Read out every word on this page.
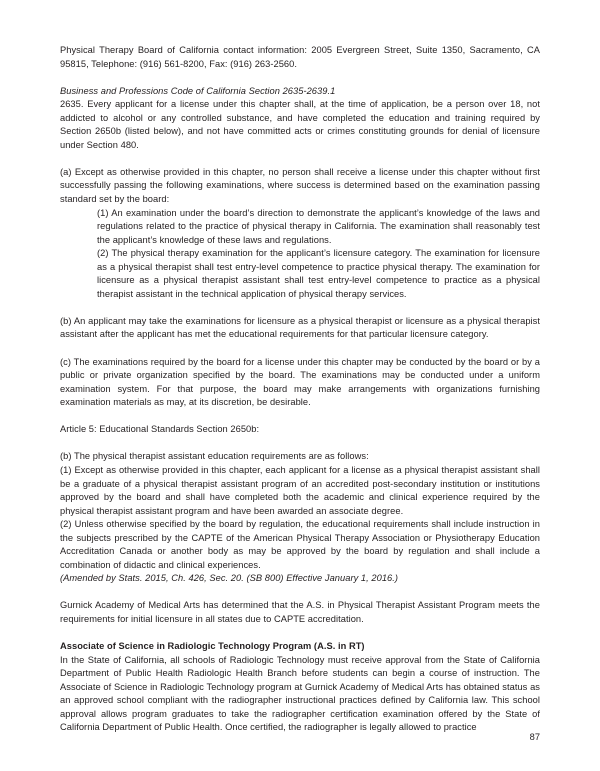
Physical Therapy Board of California contact information: 2005 Evergreen Street, Suite 1350, Sacramento, CA 95815, Telephone: (916) 561-8200, Fax: (916) 263-2560.

Business and Professions Code of California Section 2635-2639.1

2635. Every applicant for a license under this chapter shall, at the time of application, be a person over 18, not addicted to alcohol or any controlled substance, and have completed the education and training required by Section 2650b (listed below), and not have committed acts or crimes constituting grounds for denial of licensure under Section 480.

(a) Except as otherwise provided in this chapter, no person shall receive a license under this chapter without first successfully passing the following examinations, where success is determined based on the examination passing standard set by the board:

(1) An examination under the board’s direction to demonstrate the applicant’s knowledge of the laws and regulations related to the practice of physical therapy in California. The examination shall reasonably test the applicant’s knowledge of these laws and regulations.

(2) The physical therapy examination for the applicant’s licensure category. The examination for licensure as a physical therapist shall test entry-level competence to practice physical therapy. The examination for licensure as a physical therapist assistant shall test entry-level competence to practice as a physical therapist assistant in the technical application of physical therapy services.

(b) An applicant may take the examinations for licensure as a physical therapist or licensure as a physical therapist assistant after the applicant has met the educational requirements for that particular licensure category.

(c) The examinations required by the board for a license under this chapter may be conducted by the board or by a public or private organization specified by the board. The examinations may be conducted under a uniform examination system. For that purpose, the board may make arrangements with organizations furnishing examination materials as may, at its discretion, be desirable.

Article 5: Educational Standards Section 2650b:

(b) The physical therapist assistant education requirements are as follows:

(1) Except as otherwise provided in this chapter, each applicant for a license as a physical therapist assistant shall be a graduate of a physical therapist assistant program of an accredited post-secondary institution or institutions approved by the board and shall have completed both the academic and clinical experience required by the physical therapist assistant program and have been awarded an associate degree.

(2) Unless otherwise specified by the board by regulation, the educational requirements shall include instruction in the subjects prescribed by the CAPTE of the American Physical Therapy Association or Physiotherapy Education Accreditation Canada or another body as may be approved by the board by regulation and shall include a combination of didactic and clinical experiences.

(Amended by Stats. 2015, Ch. 426, Sec. 20. (SB 800) Effective January 1, 2016.)

Gurnick Academy of Medical Arts has determined that the A.S. in Physical Therapist Assistant Program meets the requirements for initial licensure in all states due to CAPTE accreditation.

Associate of Science in Radiologic Technology Program (A.S. in RT)

In the State of California, all schools of Radiologic Technology must receive approval from the State of California Department of Public Health Radiologic Health Branch before students can begin a course of instruction. The Associate of Science in Radiologic Technology program at Gurnick Academy of Medical Arts has obtained status as an approved school compliant with the radiographer instructional practices defined by California law. This school approval allows program graduates to take the radiographer certification examination offered by the State of California Department of Public Health. Once certified, the radiographer is legally allowed to practice

87
